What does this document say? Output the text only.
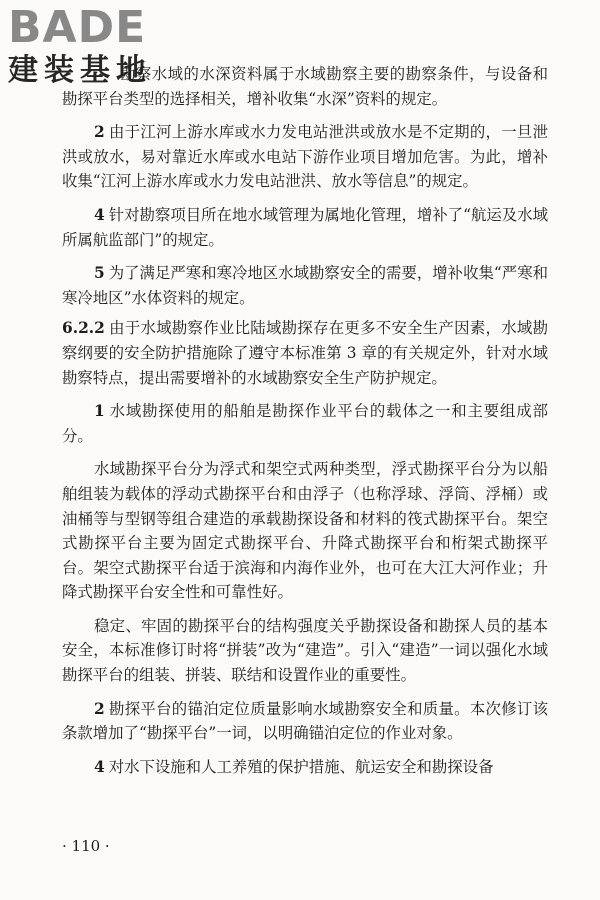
BADE
建装基地

勘察水域的水深资料属于水域勘察主要的勘察条件，与设备和勘探平台类型的选择相关，增补收集“水深”资料的规定。

2 由于江河上游水库或水力发电站泄洪或放水是不定期的，一旦泄洪或放水，易对靠近水库或水电站下游作业项目增加危害。为此，增补收集“江河上游水库或水力发电站泄洪、放水等信息”的规定。

4 针对勘察项目所在地水域管理为属地化管理，增补了“航运及水域所属航监部门”的规定。

5 为了满足严寒和寒冷地区水域勘察安全的需要，增补收集“严寒和寒冷地区”水体资料的规定。

6.2.2 由于水域勘察作业比陆域勘探存在更多不安全生产因素，水域勘察纲要的安全防护措施除了遵守本标准第 3 章的有关规定外，针对水域勘察特点，提出需要增补的水域勘察安全生产防护规定。

1 水域勘探使用的船舶是勘探作业平台的载体之一和主要组成部分。

水域勘探平台分为浮式和架空式两种类型，浮式勘探平台分为以船舶组装为载体的浮动式勘探平台和由浮子（也称浮球、浮筒、浮桶）或油桶等与型钢等组合建造的承载勘探设备和材料的筏式勘探平台。架空式勘探平台主要为固定式勘探平台、升降式勘探平台和桁架式勘探平台。架空式勘探平台适于滨海和内海作业外，也可在大江大河作业；升降式勘探平台安全性和可靠性好。

稳定、牢固的勘探平台的结构强度关乎勘探设备和勘探人员的基本安全，本标准修订时将“拼装”改为“建造”。引入“建造”一词以强化水域勘探平台的组装、拼装、联结和设置作业的重要性。

2 勘探平台的锚泊定位质量影响水域勘察安全和质量。本次修订该条款增加了“勘探平台”一词，以明确锚泊定位的作业对象。

4 对水下设施和人工养殖的保护措施、航运安全和勘探设备

· 110 ·
